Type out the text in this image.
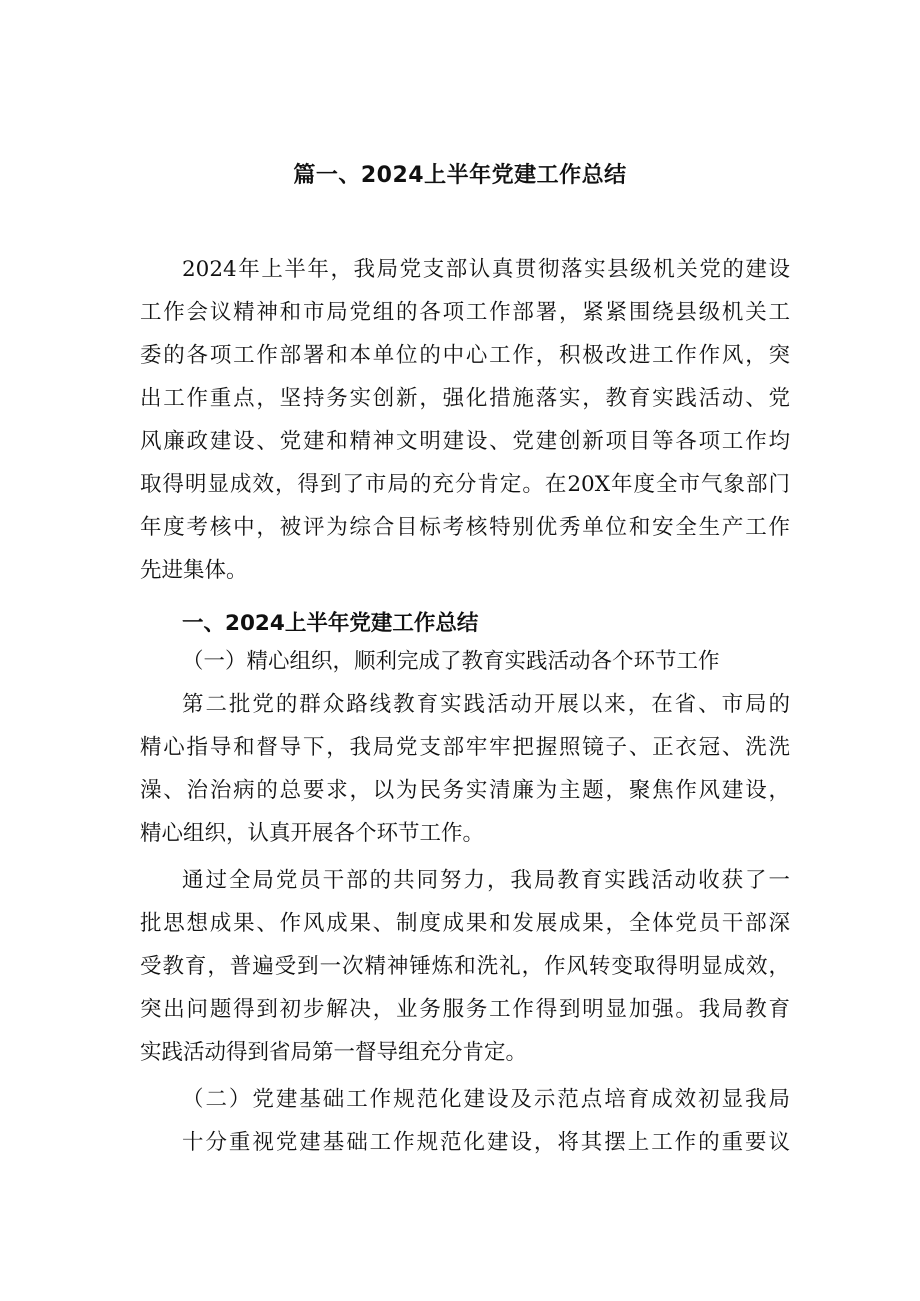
篇一、2024上半年党建工作总结
2024年上半年，我局党支部认真贯彻落实县级机关党的建设
工作会议精神和市局党组的各项工作部署，紧紧围绕县级机关工
委的各项工作部署和本单位的中心工作，积极改进工作作风，突
出工作重点，坚持务实创新，强化措施落实，教育实践活动、党
风廉政建设、党建和精神文明建设、党建创新项目等各项工作均
取得明显成效，得到了市局的充分肯定。在20X年度全市气象部门
年度考核中，被评为综合目标考核特别优秀单位和安全生产工作
先进集体。
一、2024上半年党建工作总结
（一）精心组织，顺利完成了教育实践活动各个环节工作
第二批党的群众路线教育实践活动开展以来，在省、市局的
精心指导和督导下，我局党支部牢牢把握照镜子、正衣冠、洗洗
澡、治治病的总要求，以为民务实清廉为主题，聚焦作风建设，
精心组织，认真开展各个环节工作。
通过全局党员干部的共同努力，我局教育实践活动收获了一
批思想成果、作风成果、制度成果和发展成果，全体党员干部深
受教育，普遍受到一次精神锤炼和洗礼，作风转变取得明显成效，
突出问题得到初步解决，业务服务工作得到明显加强。我局教育
实践活动得到省局第一督导组充分肯定。
（二）党建基础工作规范化建设及示范点培育成效初显我局
十分重视党建基础工作规范化建设，将其摆上工作的重要议
